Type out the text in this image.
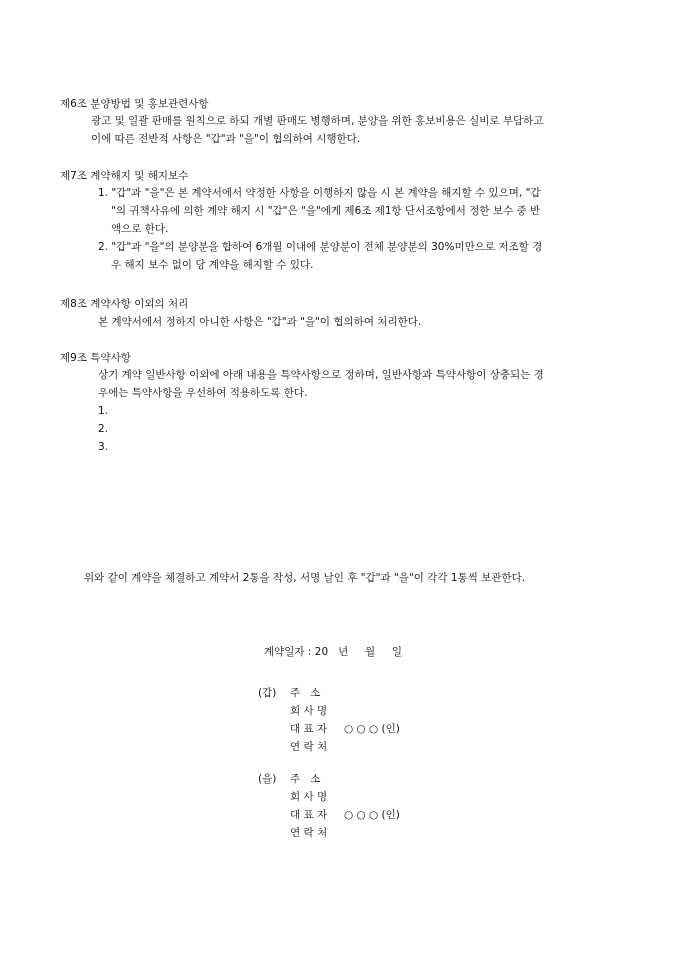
제6조 분양방법 및 홍보관련사항
광고 및 일괄 판매를 원칙으로 하되 개별 판매도 병행하며, 분양을 위한 홍보비용은 실비로 부담하고
이에 따른 전반적 사항은 "갑"과 "을"이 협의하여 시행한다.
제7조 계약해지 및 해지보수
1. "갑"과 "을"은 본 계약서에서 약정한 사항을 이행하지 않을 시 본 계약을 해지할 수 있으며, "갑
"의 귀책사유에 의한 계약 해지 시 "갑"은 "을"에게 제6조 제1항 단서조항에서 정한 보수 중 반
액으로 한다.
2. "갑"과 "을"의 분양분을 합하여 6개월 이내에 분양분이 전체 분양분의 30%미만으로 저조할 경
우 해지 보수 없이 당 계약을 해지할 수 있다.
제8조 계약사항 이외의 처리
본 계약서에서 정하지 아니한 사항은 "갑"과 "을"이 협의하여 처리한다.
제9조 특약사항
상기 계약 일반사항 이외에 아래 내용을 특약사항으로 정하며, 일반사항과 특약사항이 상충되는 경
우에는 특약사항을 우선하여 적용하도록 한다.
1.
2.
3.
위와 같이 계약을 체결하고 계약서 2통을 작성, 서명 날인 후 "갑"과 "을"이 각각 1통씩 보관한다.
계약일자 : 20   년     월     일
(갑)	주   소
회 사 명
대 표 자	○ ○ ○ (인)
연 락 처
(을)	주   소
회 사 명
대 표 자	○ ○ ○ (인)
연 락 처
